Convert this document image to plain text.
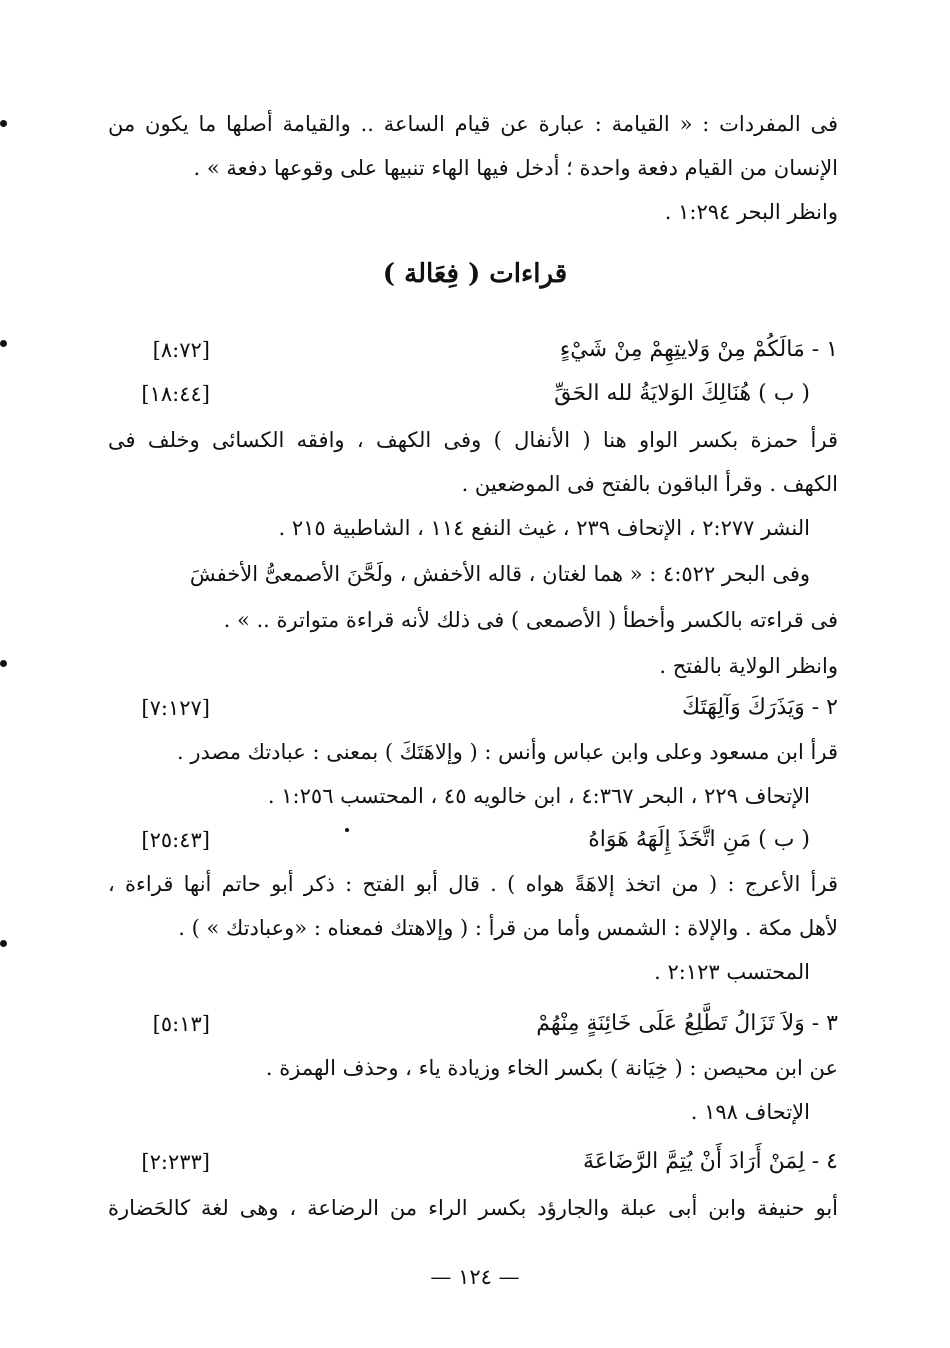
فى المفردات : « القيامة : عبارة عن قيام الساعة .. والقيامة أصلها ما يكون من
الإنسان من القيام دفعة واحدة ؛ أدخل فيها الهاء تنبيها على وقوعها دفعة » .
وانظر البحر ١:٢٩٤ .
قراءات ( فِعَالة )
١ - مَالَكُمْ مِنْ وَلايتِهِمْ مِنْ شَيْءٍ
[٨:٧٢]
( ب ) هُنَالِكَ الوَلايَةُ لله الحَقِّ
[١٨:٤٤]
قرأ حمزة بكسر الواو هنا ( الأنفال ) وفى الكهف ، وافقه الكسائى وخلف فى
الكهف . وقرأ الباقون بالفتح فى الموضعين .
النشر ٢:٢٧٧ ، الإتحاف ٢٣٩ ، غيث النفع ١١٤ ، الشاطبية ٢١٥ .
وفى البحر ٤:٥٢٢ : « هما لغتان ، قاله الأخفش ، ولَحَّنَ الأصمعىُّ الأخفشَ
فى قراءته بالكسر وأخطأ ( الأصمعى ) فى ذلك لأنه قراءة متواترة .. » .
وانظر الولاية بالفتح .
٢ - وَيَذَرَكَ وَآلِهَتَكَ
[٧:١٢٧]
قرأ ابن مسعود وعلى وابن عباس وأنس : ( وإلاهَتَكَ ) بمعنى : عبادتك مصدر .
الإتحاف ٢٢٩ ، البحر ٤:٣٦٧ ، ابن خالويه ٤٥ ، المحتسب ١:٢٥٦ .
( ب ) مَنِ اتَّخَذَ إِلَهَهُ هَوَاهُ
[٢٥:٤٣]
قرأ الأعرج : ( من اتخذ إلاهَةً هواه ) . قال أبو الفتح : ذكر أبو حاتم أنها قراءة ،
لأهل مكة . والإلاة : الشمس وأما من قرأ : ( وإلاهتك فمعناه : «وعبادتك » ) .
المحتسب ٢:١٢٣ .
٣ - وَلاَ تَزَالُ تَطَّلِعُ عَلَى خَائِنَةٍ مِنْهُمْ
[٥:١٣]
عن ابن محيصن : ( خِيَانة ) بكسر الخاء وزيادة ياء ، وحذف الهمزة .
الإتحاف ١٩٨ .
٤ - لِمَنْ أَرَادَ أَنْ يُتِمَّ الرَّضَاعَةَ
[٢:٢٣٣]
أبو حنيفة وابن أبى عبلة والجارؤد بكسر الراء من الرضاعة ، وهى لغة كالحَضارة
— ١٢٤ —
